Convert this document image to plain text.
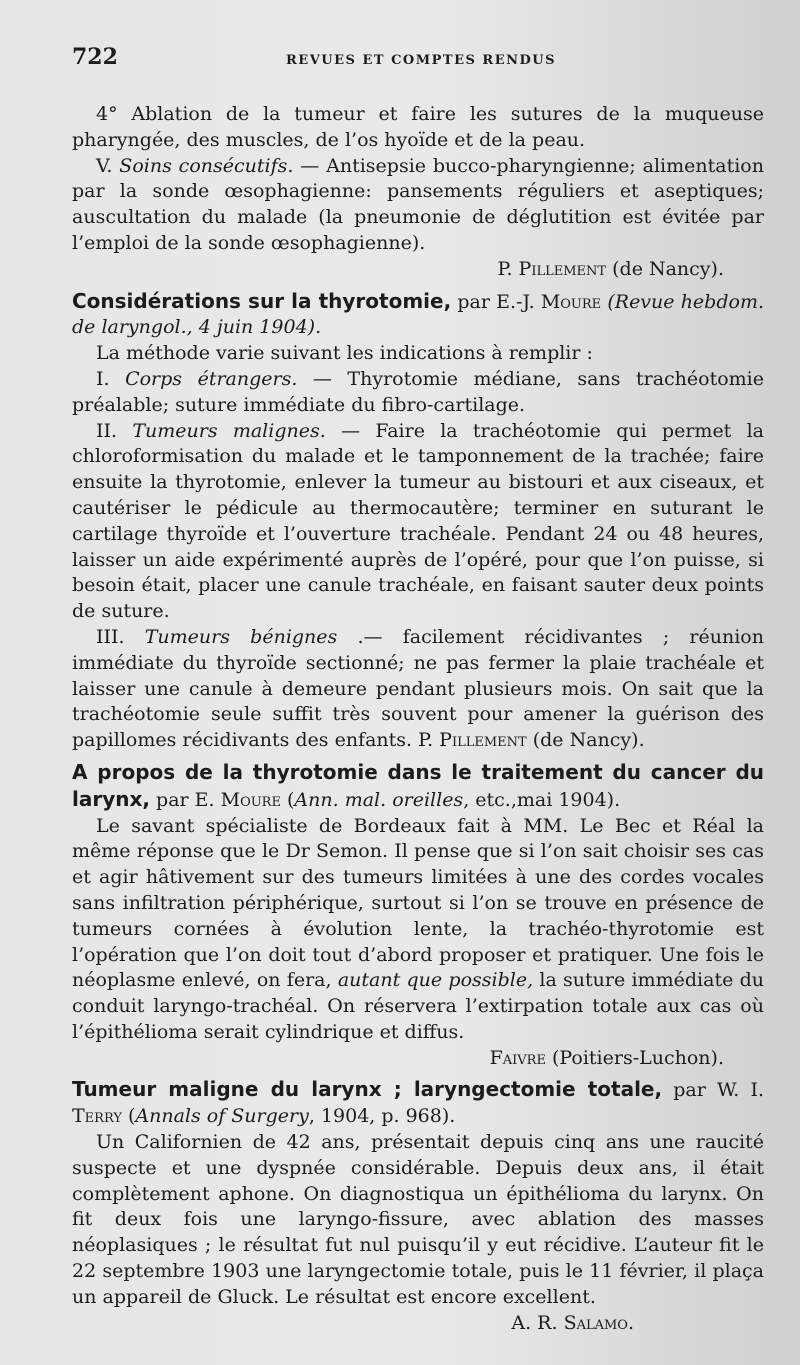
722	REVUES ET COMPTES RENDUS

4° Ablation de la tumeur et faire les sutures de la muqueuse pharyngée, des muscles, de l’os hyoïde et de la peau.

V. Soins consécutifs. — Antisepsie bucco-pharyngienne; alimentation par la sonde œsophagienne: pansements réguliers et aseptiques; auscultation du malade (la pneumonie de déglutition est évitée par l’emploi de la sonde œsophagienne).

P. Pillement (de Nancy).

Considérations sur la thyrotomie, par E.-J. Moure (Revue hebdom. de laryngol., 4 juin 1904).

La méthode varie suivant les indications à remplir :

I. Corps étrangers. — Thyrotomie médiane, sans trachéotomie préalable; suture immédiate du fibro-cartilage.

II. Tumeurs malignes. — Faire la trachéotomie qui permet la chloroformisation du malade et le tamponnement de la trachée; faire ensuite la thyrotomie, enlever la tumeur au bistouri et aux ciseaux, et cautériser le pédicule au thermocautère; terminer en suturant le cartilage thyroïde et l’ouverture trachéale. Pendant 24 ou 48 heures, laisser un aide expérimenté auprès de l’opéré, pour que l’on puisse, si besoin était, placer une canule trachéale, en faisant sauter deux points de suture.

III. Tumeurs bénignes .— facilement récidivantes ; réunion immédiate du thyroïde sectionné; ne pas fermer la plaie trachéale et laisser une canule à demeure pendant plusieurs mois. On sait que la trachéotomie seule suffit très souvent pour amener la guérison des papillomes récidivants des enfants. P. Pillement (de Nancy).

A propos de la thyrotomie dans le traitement du cancer du larynx, par E. Moure (Ann. mal. oreilles, etc.,mai 1904).

Le savant spécialiste de Bordeaux fait à MM. Le Bec et Réal la même réponse que le Dr Semon. Il pense que si l’on sait choisir ses cas et agir hâtivement sur des tumeurs limitées à une des cordes vocales sans infiltration périphérique, surtout si l’on se trouve en présence de tumeurs cornées à évolution lente, la trachéo-thyrotomie est l’opération que l’on doit tout d’abord proposer et pratiquer. Une fois le néoplasme enlevé, on fera, autant que possible, la suture immédiate du conduit laryngo-trachéal. On réservera l’extirpation totale aux cas où l’épithélioma serait cylindrique et diffus.

Faivre (Poitiers-Luchon).

Tumeur maligne du larynx ; laryngectomie totale, par W. I. Terry (Annals of Surgery, 1904, p. 968).

Un Californien de 42 ans, présentait depuis cinq ans une raucité suspecte et une dyspnée considérable. Depuis deux ans, il était complètement aphone. On diagnostiqua un épithélioma du larynx. On fit deux fois une laryngo-fissure, avec ablation des masses néoplasiques ; le résultat fut nul puisqu’il y eut récidive. L’auteur fit le 22 septembre 1903 une laryngectomie totale, puis le 11 février, il plaça un appareil de Gluck. Le résultat est encore excellent.

A. R. Salamo.
